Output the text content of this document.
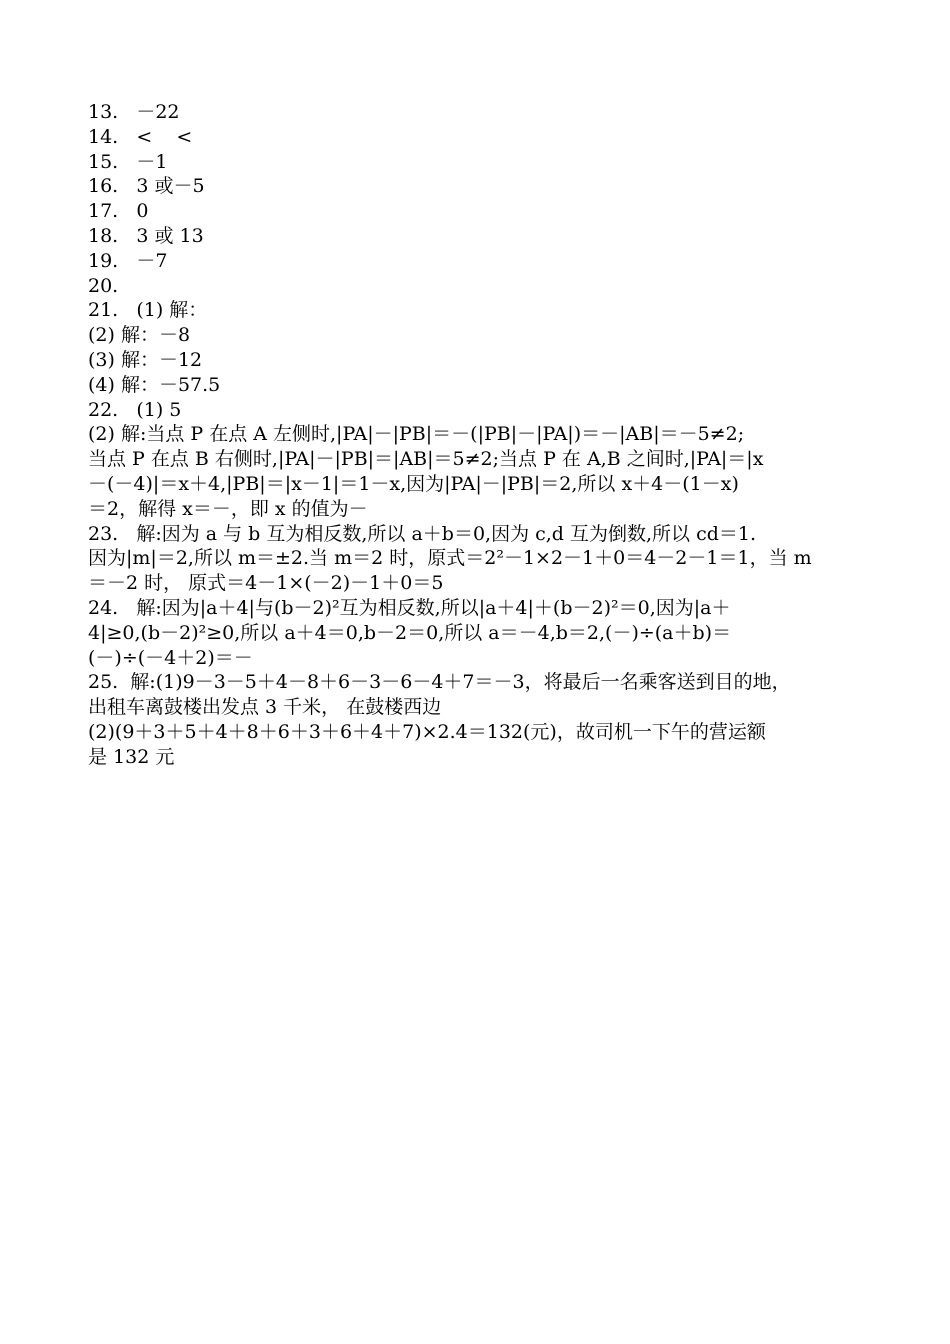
13.   －22
14.   <    <
15.   －1
16.   3 或－5
17.   0
18.   3 或 13
19.   －7
20.
21.   (1) 解：
(2) 解：－8
(3) 解：－12
(4) 解：－57.5
22.   (1) 5
(2) 解:当点 P 在点 A 左侧时,|PA|－|PB|＝－(|PB|－|PA|)＝－|AB|＝－5≠2;
当点 P 在点 B 右侧时,|PA|－|PB|＝|AB|＝5≠2;当点 P 在 A,B 之间时,|PA|＝|x
－(－4)|＝x＋4,|PB|＝|x－1|＝1－x,因为|PA|－|PB|＝2,所以 x＋4－(1－x)
＝2，解得 x＝－，即 x 的值为－
23.   解:因为 a 与 b 互为相反数,所以 a＋b＝0,因为 c,d 互为倒数,所以 cd＝1.
因为|m|＝2,所以 m＝±2.当 m＝2 时，原式＝2²－1×2－1＋0＝4－2－1＝1，当 m
＝－2 时， 原式＝4－1×(－2)－1＋0＝5
24.   解:因为|a＋4|与(b－2)²互为相反数,所以|a＋4|＋(b－2)²＝0,因为|a＋
4|≥0,(b－2)²≥0,所以 a＋4＝0,b－2＝0,所以 a＝－4,b＝2,(－)÷(a＋b)＝
(－)÷(－4＋2)＝－
25.  解:(1)9－3－5＋4－8＋6－3－6－4＋7＝－3，将最后一名乘客送到目的地，
出租车离鼓楼出发点 3 千米， 在鼓楼西边
(2)(9＋3＋5＋4＋8＋6＋3＋6＋4＋7)×2.4＝132(元)，故司机一下午的营运额
是 132 元
